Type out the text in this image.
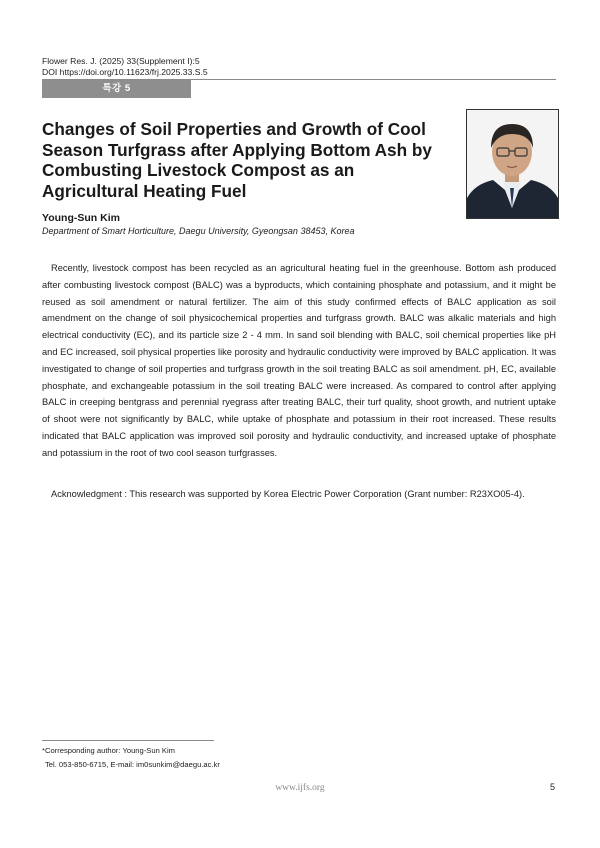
Flower Res. J. (2025) 33(Supplement I):5
DOI https://doi.org/10.11623/frj.2025.33.S.5
특강 5
Changes of Soil Properties and Growth of Cool Season Turfgrass after Applying Bottom Ash by Combusting Livestock Compost as an Agricultural Heating Fuel
Young-Sun Kim
Department of Smart Horticulture, Daegu University, Gyeongsan 38453, Korea

Recently, livestock compost has been recycled as an agricultural heating fuel in the greenhouse. Bottom ash produced after combusting livestock compost (BALC) was a byproducts, which containing phosphate and potassium, and it might be reused as soil amendment or natural fertilizer. The aim of this study confirmed effects of BALC application as soil amendment on the change of soil physicochemical properties and turfgrass growth. BALC was alkalic materials and high electrical conductivity (EC), and its particle size 2 - 4 mm. In sand soil blending with BALC, soil chemical properties like pH and EC increased, soil physical properties like porosity and hydraulic conductivity were improved by BALC application. It was investigated to change of soil properties and turfgrass growth in the soil treating BALC as soil amendment. pH, EC, available phosphate, and exchangeable potassium in the soil treating BALC were increased. As compared to control after applying BALC in creeping bentgrass and perennial ryegrass after treating BALC, their turf quality, shoot growth, and nutrient uptake of shoot were not significantly by BALC, while uptake of phosphate and potassium in their root increased. These results indicated that BALC application was improved soil porosity and hydraulic conductivity, and increased uptake of phosphate and potassium in the root of two cool season turfgrasses.

Acknowledgment : This research was supported by Korea Electric Power Corporation (Grant number: R23XO05-4).

*Corresponding author: Young-Sun Kim
Tel. 053-850-6715, E-mail: im0sunkim@daegu.ac.kr
www.ijfs.org	5
